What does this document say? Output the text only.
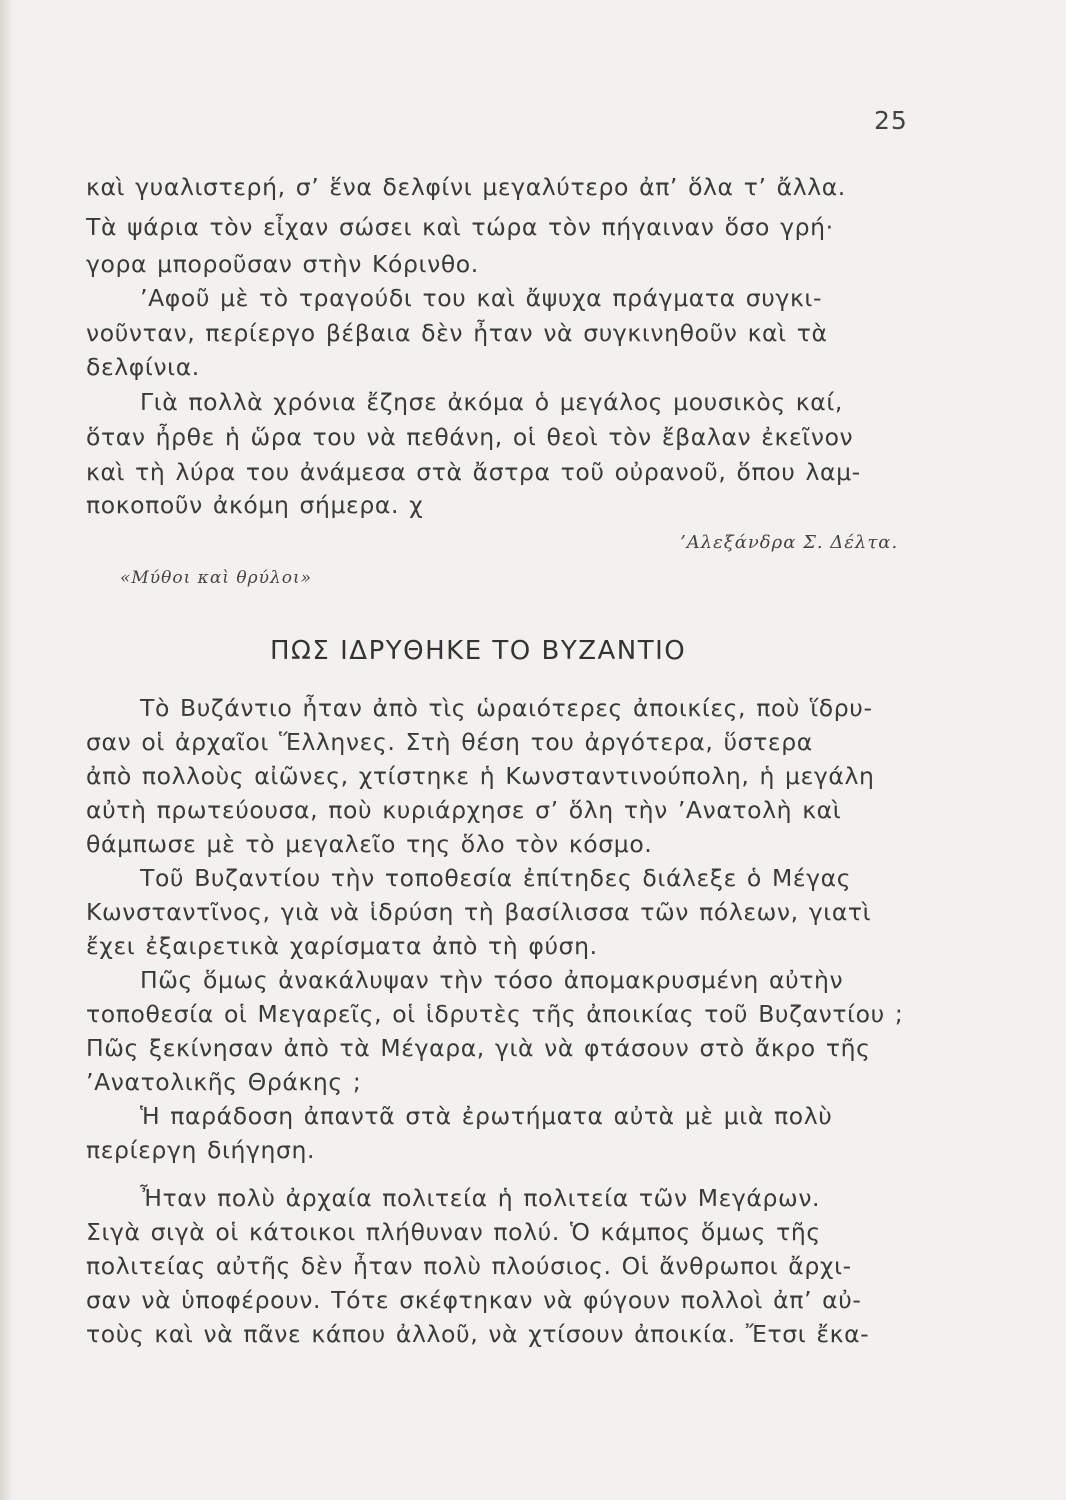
25
καὶ γυαλιστερή, σ’ ἕνα δελφίνι μεγαλύτερο ἀπ’ ὅλα τ’ ἄλλα.
Τὰ ψάρια τὸν εἶχαν σώσει καὶ τώρα τὸν πήγαιναν ὅσο γρή·
γορα μποροῦσαν στὴν Κόρινθο.
’Αφοῦ μὲ τὸ τραγούδι του καὶ ἄψυχα πράγματα συγκι-
νοῦνταν, περίεργο βέβαια δὲν ἦταν νὰ συγκινηθοῦν καὶ τὰ
δελφίνια.
Γιὰ πολλὰ χρόνια ἔζησε ἀκόμα ὁ μεγάλος μουσικὸς καί,
ὅταν ἦρθε ἡ ὥρα του νὰ πεθάνη, οἱ θεοὶ τὸν ἔβαλαν ἐκεῖνον
καὶ τὴ λύρα του ἀνάμεσα στὰ ἄστρα τοῦ οὐρανοῦ, ὅπου λαμ-
ποκοποῦν ἀκόμη σήμερα. χ
’Αλεξάνδρα Σ. Δέλτα.
«Μύθοι καὶ θρύλοι»
ΠΩΣ ΙΔΡΥΘΗΚΕ ΤΟ ΒΥΖΑΝΤΙΟ
Τὸ Βυζάντιο ἦταν ἀπὸ τὶς ὡραιότερες ἀποικίες, ποὺ ἵδρυ-
σαν οἱ ἀρχαῖοι Ἕλληνες. Στὴ θέση του ἀργότερα, ὕστερα
ἀπὸ πολλοὺς αἰῶνες, χτίστηκε ἡ Κωνσταντινούπολη, ἡ μεγάλη
αὐτὴ πρωτεύουσα, ποὺ κυριάρχησε σ’ ὅλη τὴν ’Ανατολὴ καὶ
θάμπωσε μὲ τὸ μεγαλεῖο της ὅλο τὸν κόσμο.
Τοῦ Βυζαντίου τὴν τοποθεσία ἐπίτηδες διάλεξε ὁ Μέγας
Κωνσταντῖνος, γιὰ νὰ ἱδρύση τὴ βασίλισσα τῶν πόλεων, γιατὶ
ἔχει ἐξαιρετικὰ χαρίσματα ἀπὸ τὴ φύση.
Πῶς ὅμως ἀνακάλυψαν τὴν τόσο ἀπομακρυσμένη αὐτὴν
τοποθεσία οἱ Μεγαρεῖς, οἱ ἱδρυτὲς τῆς ἀποικίας τοῦ Βυζαντίου ;
Πῶς ξεκίνησαν ἀπὸ τὰ Μέγαρα, γιὰ νὰ φτάσουν στὸ ἄκρο τῆς
’Ανατολικῆς Θράκης ;
Ἡ παράδοση ἀπαντᾶ στὰ ἐρωτήματα αὐτὰ μὲ μιὰ πολὺ
περίεργη διήγηση.
Ἦταν πολὺ ἀρχαία πολιτεία ἡ πολιτεία τῶν Μεγάρων.
Σιγὰ σιγὰ οἱ κάτοικοι πλήθυναν πολύ. Ὁ κάμπος ὅμως τῆς
πολιτείας αὐτῆς δὲν ἦταν πολὺ πλούσιος. Οἱ ἄνθρωποι ἄρχι-
σαν νὰ ὑποφέρουν. Τότε σκέφτηκαν νὰ φύγουν πολλοὶ ἀπ’ αὐ-
τοὺς καὶ νὰ πᾶνε κάπου ἀλλοῦ, νὰ χτίσουν ἀποικία. Ἔτσι ἔκα-
